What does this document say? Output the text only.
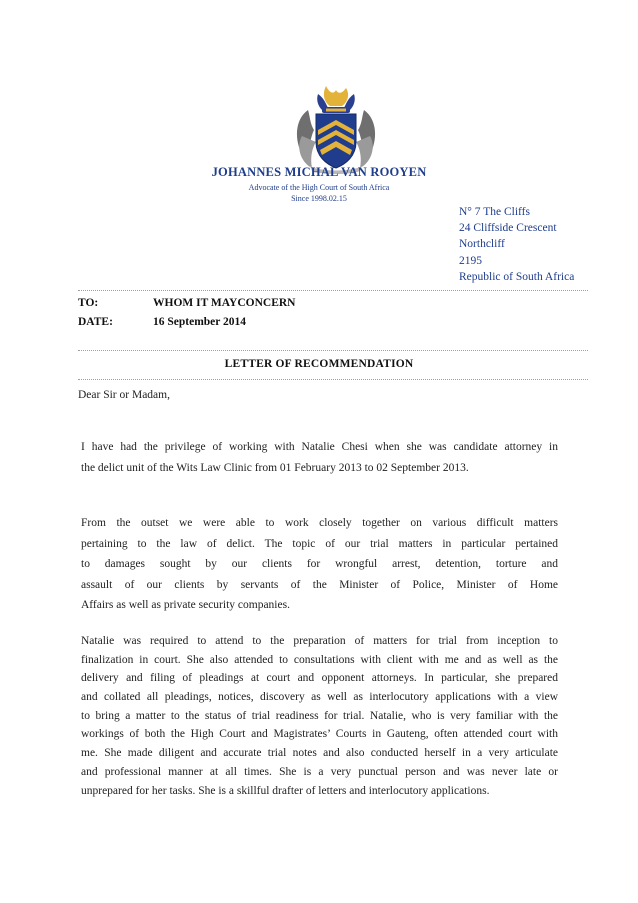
JOHANNES MICHAL VAN ROOYEN
Advocate of the High Court of South Africa
Since 1998.02.15
N° 7 The Cliffs
24 Cliffside Crescent
Northcliff
2195
Republic of South Africa
TO:	WHOM IT MAYCONCERN
DATE:	16 September 2014
LETTER OF RECOMMENDATION
Dear Sir or Madam,
I have had the privilege of working with Natalie Chesi when she was candidate attorney in
the delict unit of the Wits Law Clinic from 01 February 2013 to 02 September 2013.
From the outset we were able to work closely together on various difficult matters
pertaining to the law of delict. The topic of our trial matters in particular pertained
to damages sought by our clients for wrongful arrest, detention, torture and
assault of our clients by servants of the Minister of Police, Minister of Home
Affairs as well as private security companies.
Natalie was required to attend to the preparation of matters for trial from inception to
finalization in court. She also attended to consultations with client with me and as well as the
delivery and filing of pleadings at court and opponent attorneys. In particular, she prepared
and collated all pleadings, notices, discovery as well as interlocutory applications with a view
to bring a matter to the status of trial readiness for trial. Natalie, who is very familiar with the
workings of both the High Court and Magistrates’ Courts in Gauteng, often attended court with
me. She made diligent and accurate trial notes and also conducted herself in a very articulate
and professional manner at all times. She is a very punctual person and was never late or
unprepared for her tasks. She is a skillful drafter of letters and interlocutory applications.
